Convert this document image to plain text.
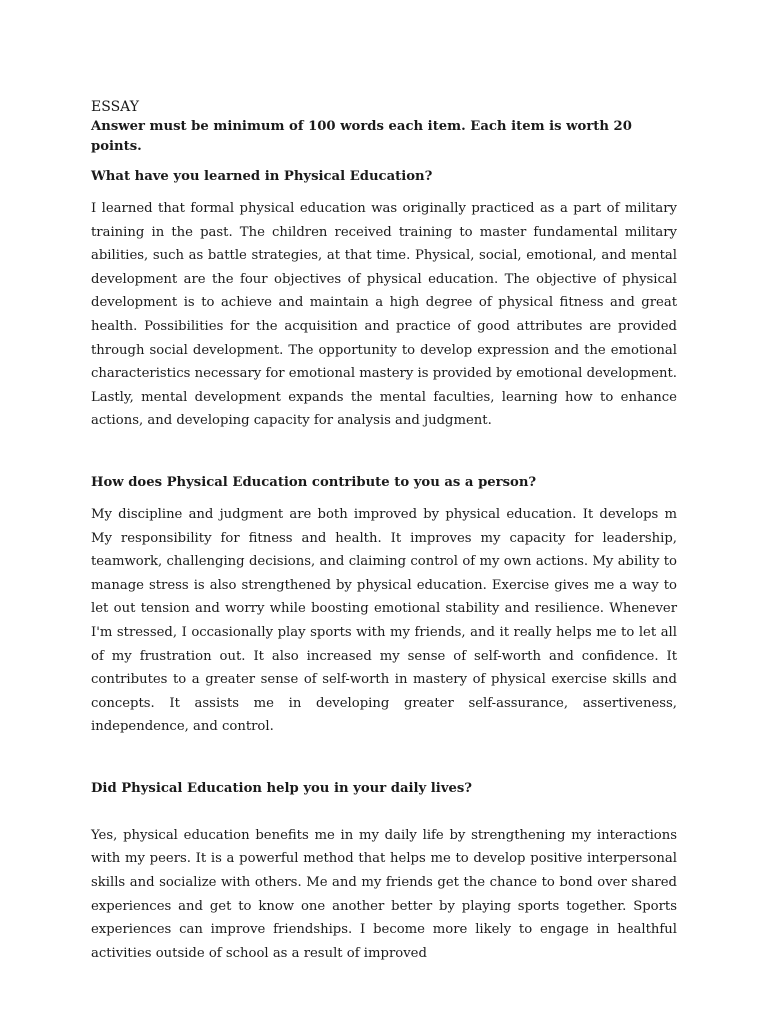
ESSAY

Answer must be minimum of 100 words each item. Each item is worth 20 points.

What have you learned in Physical Education?

I learned that formal physical education was originally practiced as a part of military training in the past. The children received training to master fundamental military abilities, such as battle strategies, at that time. Physical, social, emotional, and mental development are the four objectives of physical education. The objective of physical development is to achieve and maintain a high degree of physical fitness and great health. Possibilities for the acquisition and practice of good attributes are provided through social development. The opportunity to develop expression and the emotional characteristics necessary for emotional mastery is provided by emotional development. Lastly, mental development expands the mental faculties, learning how to enhance actions, and developing capacity for analysis and judgment.

How does Physical Education contribute to you as a person?

My discipline and judgment are both improved by physical education. It develops m My responsibility for fitness and health. It improves my capacity for leadership, teamwork, challenging decisions, and claiming control of my own actions. My ability to manage stress is also strengthened by physical education. Exercise gives me a way to let out tension and worry while boosting emotional stability and resilience. Whenever I'm stressed, I occasionally play sports with my friends, and it really helps me to let all of my frustration out. It also increased my sense of self-worth and confidence. It contributes to a greater sense of self-worth in mastery of physical exercise skills and concepts. It assists me in developing greater self-assurance, assertiveness, independence, and control.

Did Physical Education help you in your daily lives?

Yes, physical education benefits me in my daily life by strengthening my interactions with my peers. It is a powerful method that helps me to develop positive interpersonal skills and socialize with others. Me and my friends get the chance to bond over shared experiences and get to know one another better by playing sports together. Sports experiences can improve friendships. I become more likely to engage in healthful activities outside of school as a result of improved
